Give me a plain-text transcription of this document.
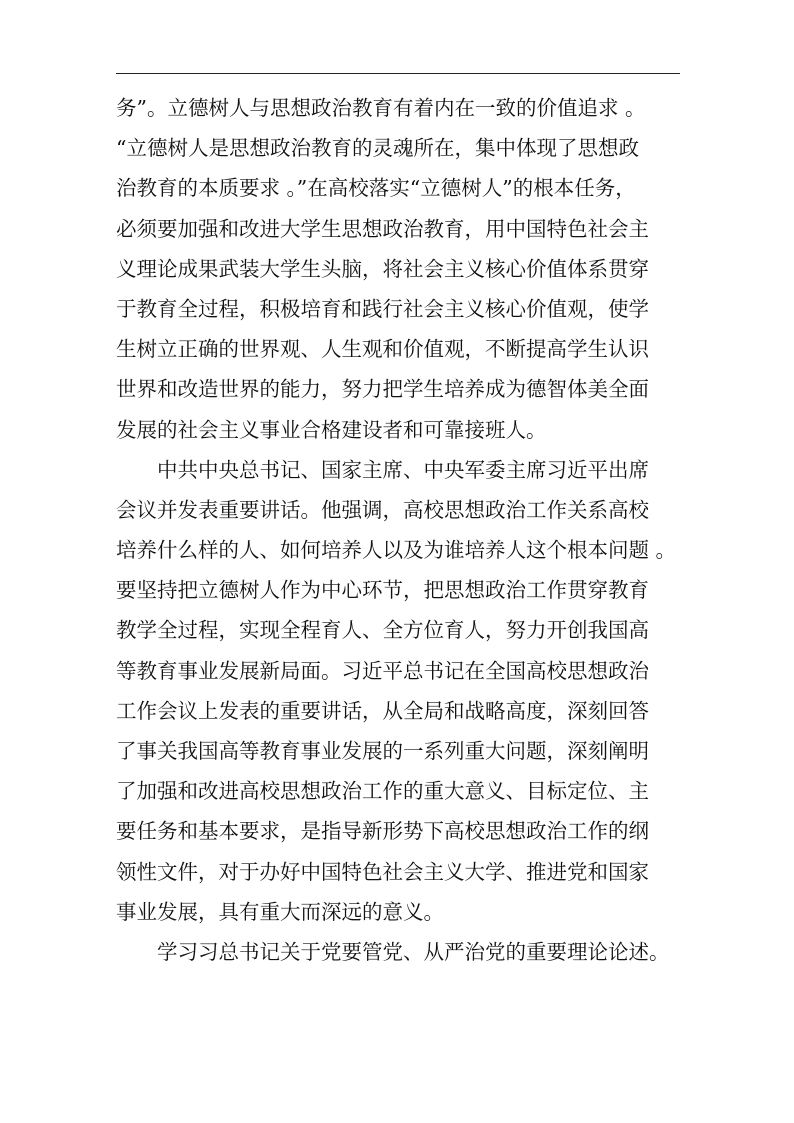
务”。立德树人与思想政治教育有着内在一致的价值追求 。
“立德树人是思想政治教育的灵魂所在，集中体现了思想政
治教育的本质要求 。”在高校落实“立德树人”的根本任务，
必须要加强和改进大学生思想政治教育，用中国特色社会主
义理论成果武装大学生头脑，将社会主义核心价值体系贯穿
于教育全过程，积极培育和践行社会主义核心价值观，使学
生树立正确的世界观、人生观和价值观，不断提高学生认识
世界和改造世界的能力，努力把学生培养成为德智体美全面
发展的社会主义事业合格建设者和可靠接班人。
中共中央总书记、国家主席、中央军委主席习近平出席
会议并发表重要讲话。他强调，高校思想政治工作关系高校
培养什么样的人、如何培养人以及为谁培养人这个根本问题 。
要坚持把立德树人作为中心环节，把思想政治工作贯穿教育
教学全过程，实现全程育人、全方位育人，努力开创我国高
等教育事业发展新局面。习近平总书记在全国高校思想政治
工作会议上发表的重要讲话，从全局和战略高度，深刻回答
了事关我国高等教育事业发展的一系列重大问题，深刻阐明
了加强和改进高校思想政治工作的重大意义、目标定位、主
要任务和基本要求，是指导新形势下高校思想政治工作的纲
领性文件，对于办好中国特色社会主义大学、推进党和国家
事业发展，具有重大而深远的意义。
学习习总书记关于党要管党、从严治党的重要理论论述。
